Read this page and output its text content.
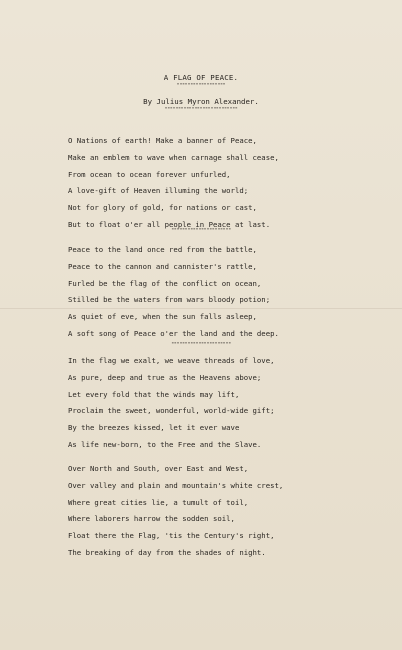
A FLAG OF PEACE.
""""""""""""""""""
By Julius Myron Alexander.
"""""""""""""""""""""""""""
O Nations of earth! Make a banner of Peace,
Make an emblem to wave when carnage shall cease,
From ocean to ocean forever unfurled,
A love-gift of Heaven illuming the world;
Not for glory of gold, for nations or cast,
But to float o'er all people in Peace at last.
""""""""""""""""""""""
Peace to the land once red from the battle,
Peace to the cannon and cannister's rattle,
Furled be the flag of the conflict on ocean,
Stilled be the waters from wars bloody potion;
As quiet of eve, when the sun falls asleep,
A soft song of Peace o'er the land and the deep.
""""""""""""""""""""""
In the flag we exalt, we weave threads of love,
As pure, deep and true as the Heavens above;
Let every fold that the winds may lift,
Proclaim the sweet, wonderful, world-wide gift;
By the breezes kissed, let it ever wave
As life new-born, to the Free and the Slave.
Over North and South, over East and West,
Over valley and plain and mountain's white crest,
Where great cities lie, a tumult of toil,
Where laborers harrow the sodden soil,
Float there the Flag, 'tis the Century's right,
The breaking of day from the shades of night.
